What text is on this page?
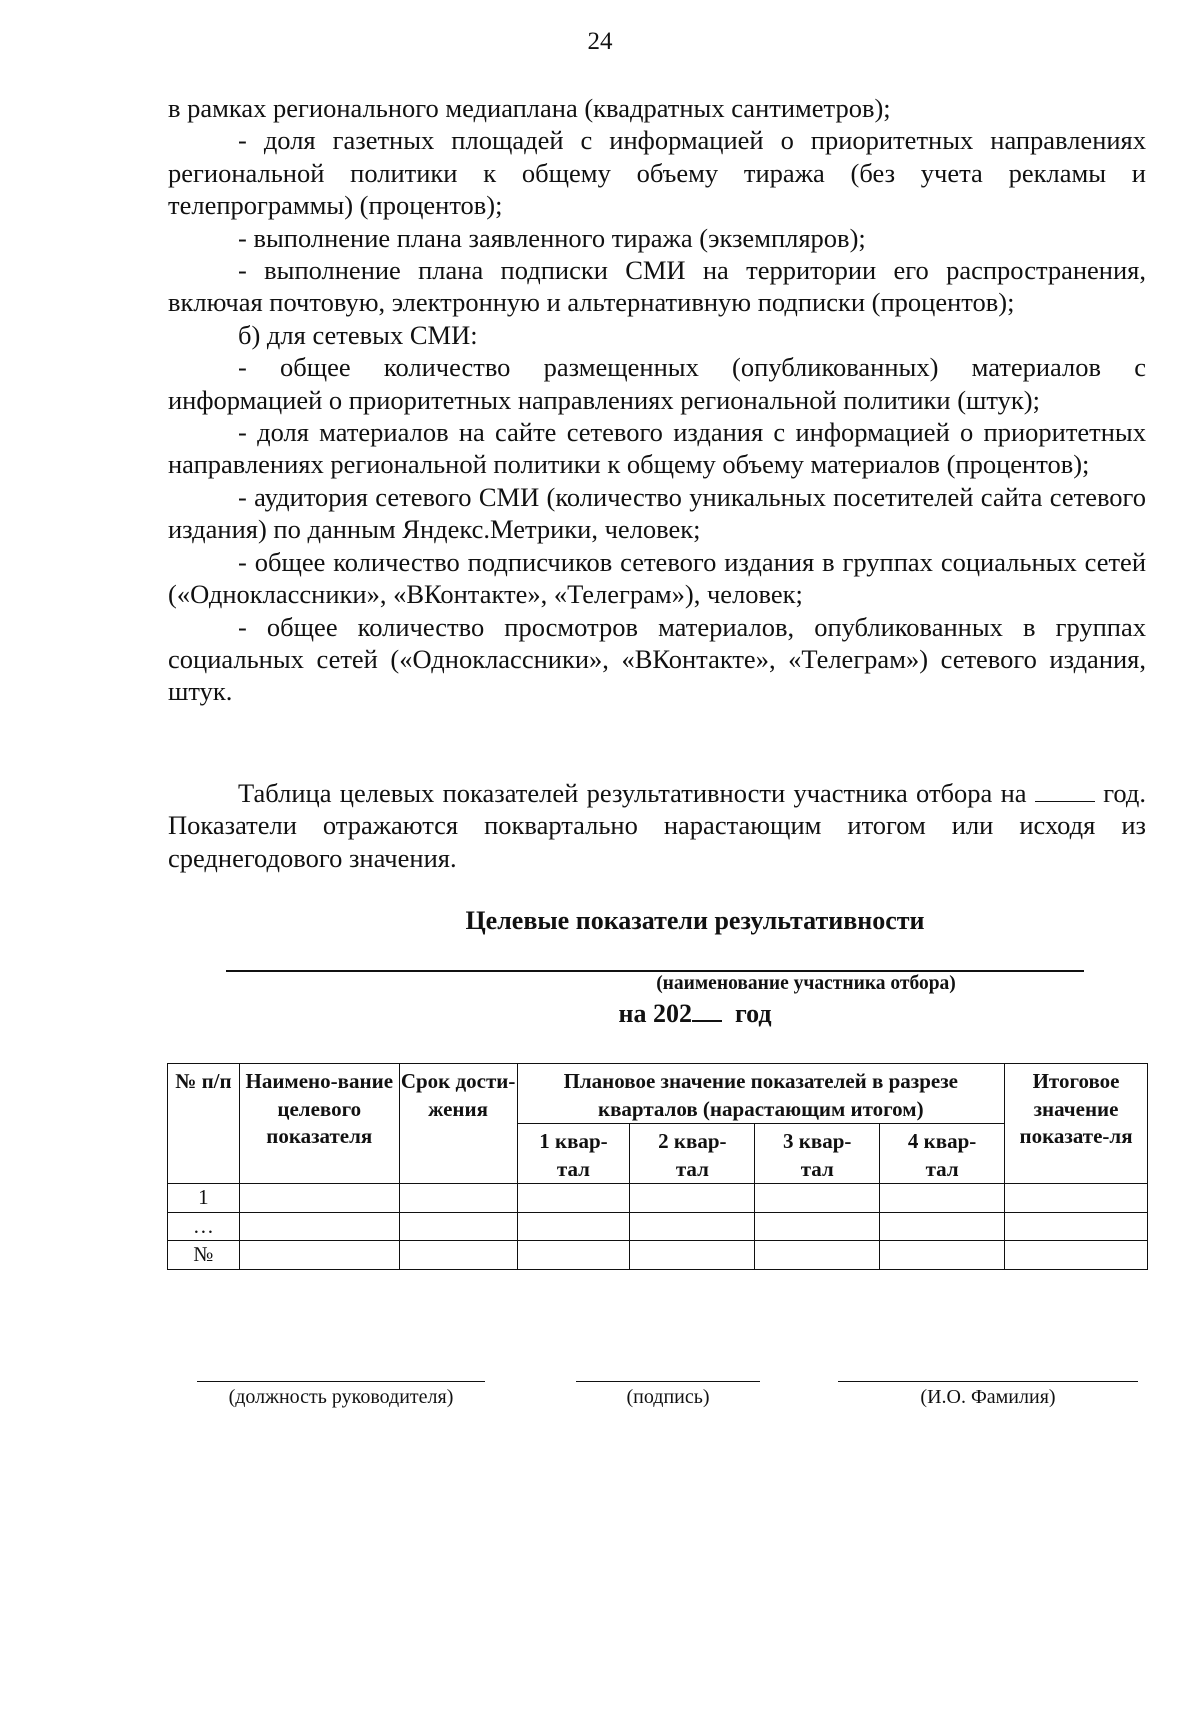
24

в рамках регионального медиаплана (квадратных сантиметров);

- доля газетных площадей с информацией о приоритетных направлениях региональной политики к общему объему тиража (без учета рекламы и телепрограммы) (процентов);

- выполнение плана заявленного тиража (экземпляров);

- выполнение плана подписки СМИ на территории его распространения, включая почтовую, электронную и альтернативную подписки (процентов);

б) для сетевых СМИ:

- общее количество размещенных (опубликованных) материалов с информацией о приоритетных направлениях региональной политики (штук);

- доля материалов на сайте сетевого издания с информацией о приоритетных направлениях региональной политики к общему объему материалов (процентов);

- аудитория сетевого СМИ (количество уникальных посетителей сайта сетевого издания) по данным Яндекс.Метрики, человек;

- общее количество подписчиков сетевого издания в группах социальных сетей («Одноклассники», «ВКонтакте», «Телеграм»), человек;

- общее количество просмотров материалов, опубликованных в группах социальных сетей («Одноклассники», «ВКонтакте», «Телеграм») сетевого издания, штук.

Таблица целевых показателей результативности участника отбора на	год. Показатели отражаются поквартально нарастающим итогом или исходя из среднегодового значения.
Целевые показатели результативности
(наименование участника отбора)
на 202 год
№ п/п	Наимено-вание целевого показателя	Срок дости-жения	Плановое значение показателей в разрезе кварталов (нарастающим итогом)				Итоговое значение показате-ля
			1 квар-тал	2 квар-тал	3 квар-тал	4 квар-тал	
1							
…							
№							
(должность руководителя)	(подпись)	(И.О. Фамилия)
